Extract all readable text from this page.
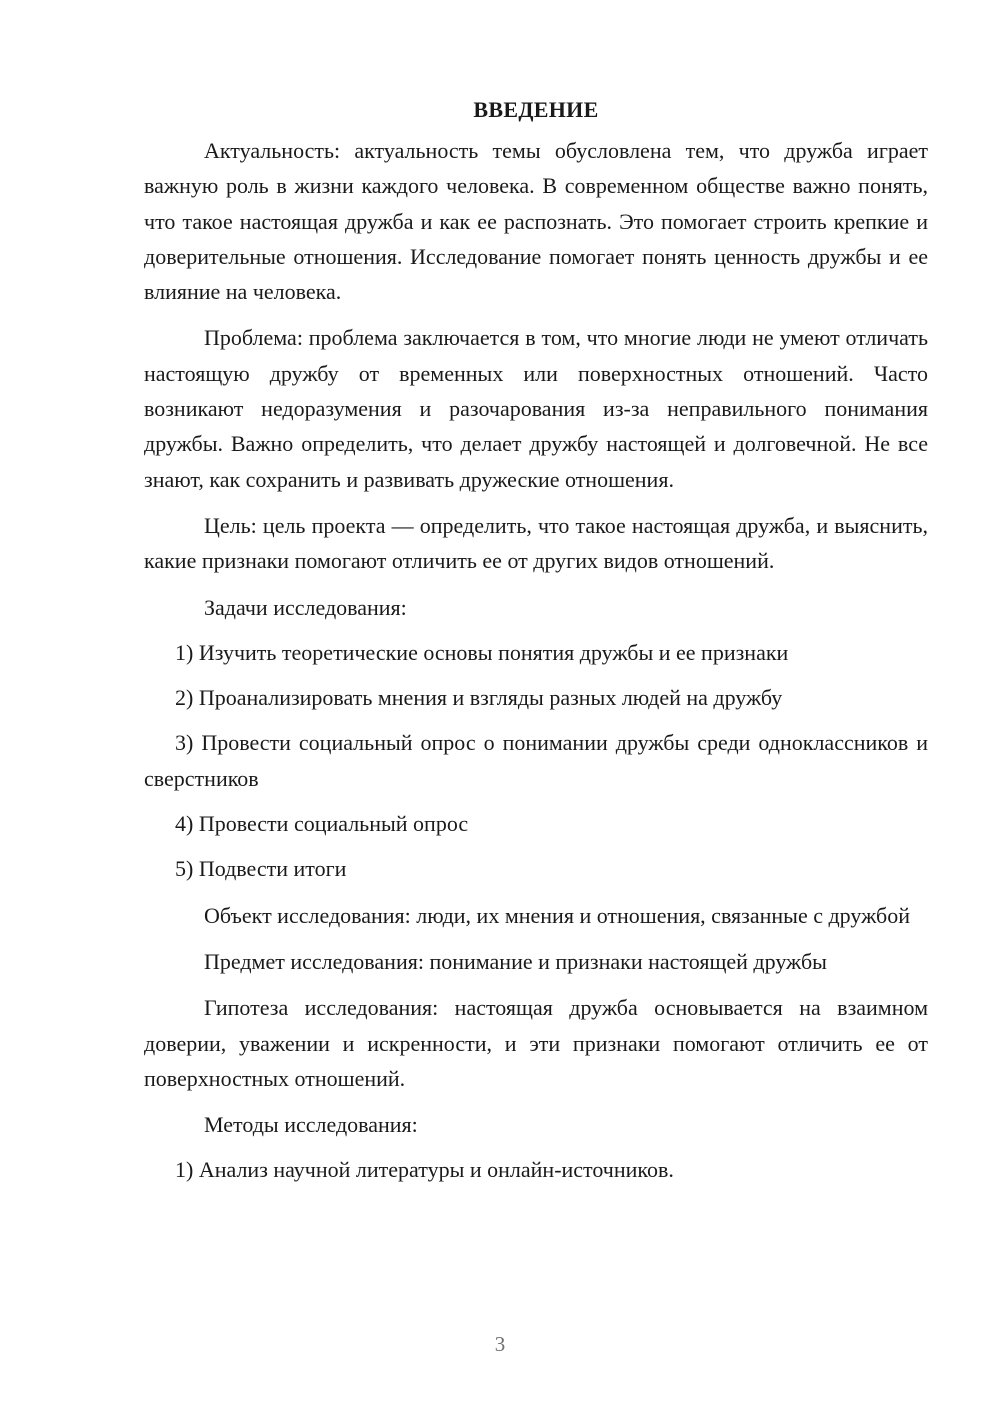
ВВЕДЕНИЕ

Актуальность: актуальность темы обусловлена тем, что дружба играет важную роль в жизни каждого человека. В современном обществе важно понять, что такое настоящая дружба и как ее распознать. Это помогает строить крепкие и доверительные отношения. Исследование помогает понять ценность дружбы и ее влияние на человека.

Проблема: проблема заключается в том, что многие люди не умеют отличать настоящую дружбу от временных или поверхностных отношений. Часто возникают недоразумения и разочарования из-за неправильного понимания дружбы. Важно определить, что делает дружбу настоящей и долговечной. Не все знают, как сохранить и развивать дружеские отношения.

Цель: цель проекта — определить, что такое настоящая дружба, и выяснить, какие признаки помогают отличить ее от других видов отношений.

Задачи исследования:

1) Изучить теоретические основы понятия дружбы и ее признаки

2) Проанализировать мнения и взгляды разных людей на дружбу

3) Провести социальный опрос о понимании дружбы среди одноклассников и сверстников

4) Провести социальный опрос

5) Подвести итоги

Объект исследования: люди, их мнения и отношения, связанные с дружбой

Предмет исследования: понимание и признаки настоящей дружбы

Гипотеза исследования: настоящая дружба основывается на взаимном доверии, уважении и искренности, и эти признаки помогают отличить ее от поверхностных отношений.

Методы исследования:

1) Анализ научной литературы и онлайн-источников.

3
